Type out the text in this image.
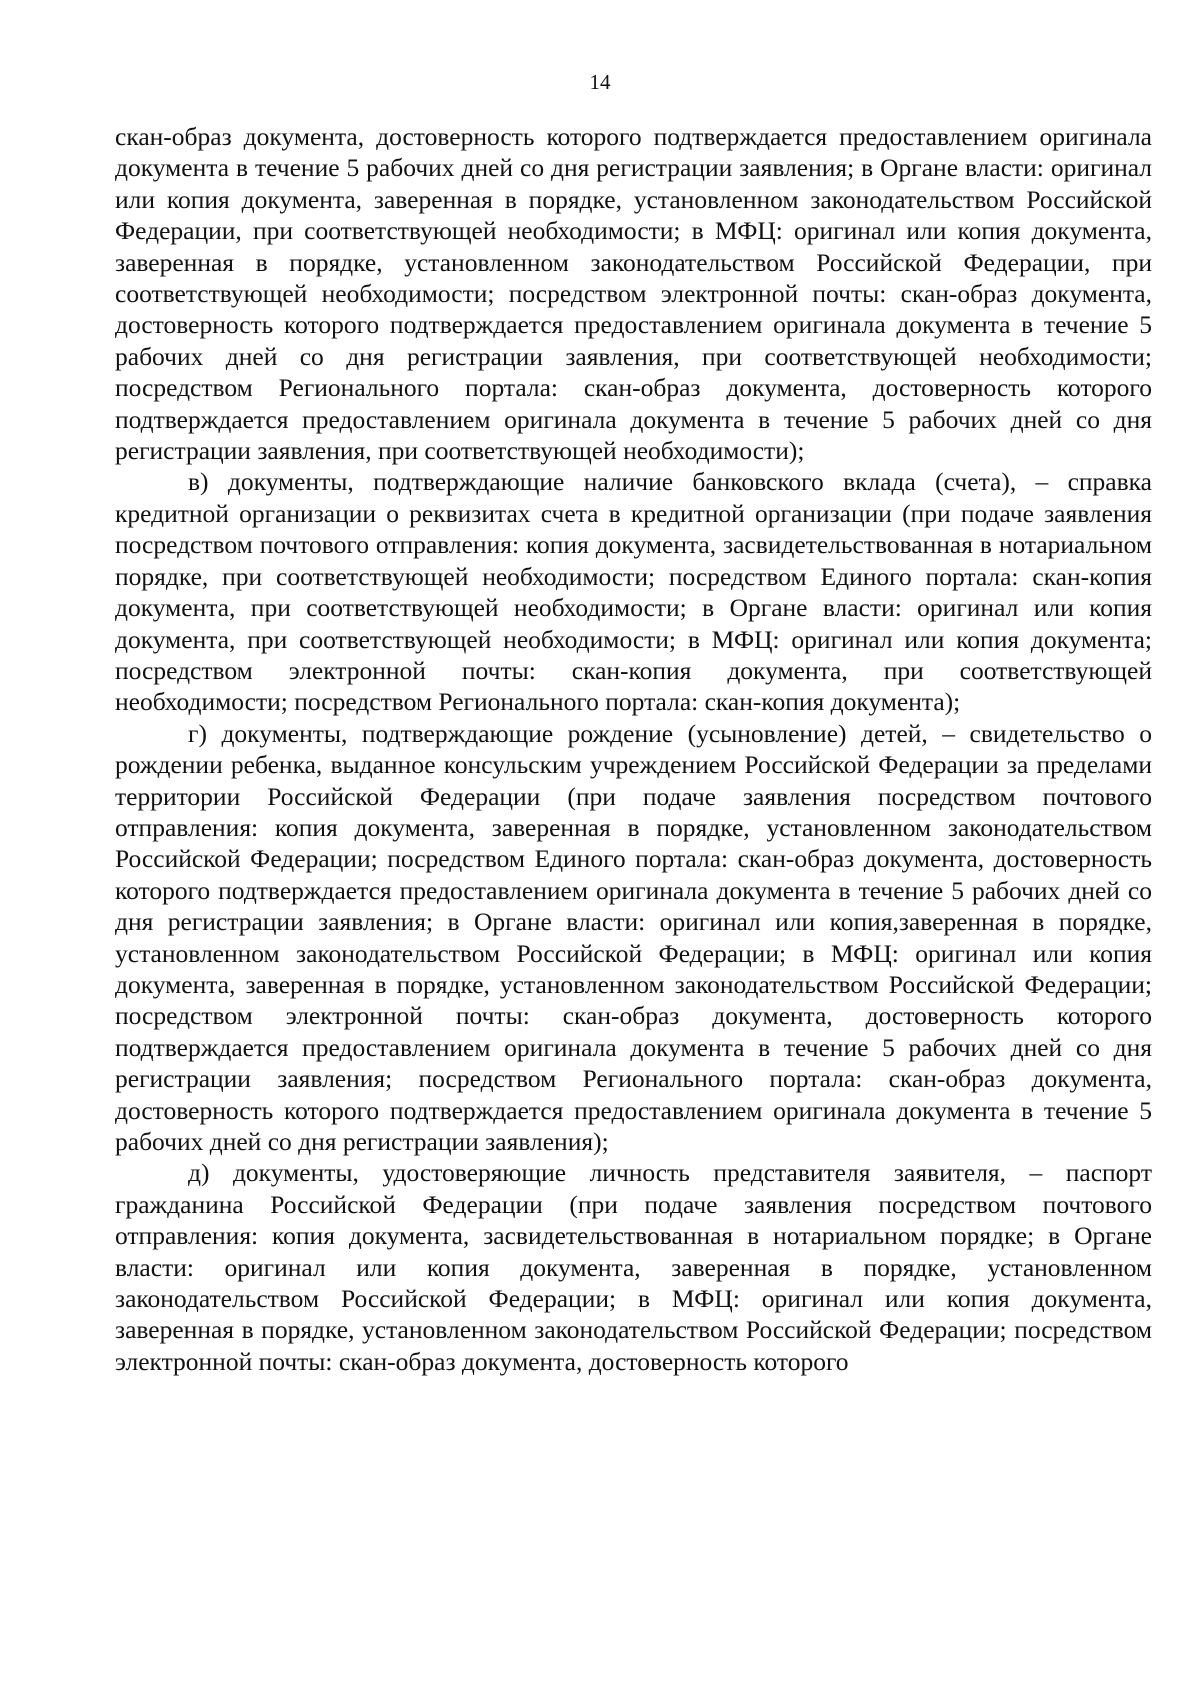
14

скан-образ документа, достоверность которого подтверждается предоставлением оригинала документа в течение 5 рабочих дней со дня регистрации заявления; в Органе власти: оригинал или копия документа, заверенная в порядке, установленном законодательством Российской Федерации, при соответствующей необходимости; в МФЦ: оригинал или копия документа, заверенная в порядке, установленном законодательством Российской Федерации, при соответствующей необходимости; посредством электронной почты: скан-образ документа, достоверность которого подтверждается предоставлением оригинала документа в течение 5 рабочих дней со дня регистрации заявления, при соответствующей необходимости; посредством Регионального портала: скан-образ документа, достоверность которого подтверждается предоставлением оригинала документа в течение 5 рабочих дней со дня регистрации заявления, при соответствующей необходимости);

в) документы, подтверждающие наличие банковского вклада (счета), – справка кредитной организации о реквизитах счета в кредитной организации (при подаче заявления посредством почтового отправления: копия документа, засвидетельствованная в нотариальном порядке, при соответствующей необходимости; посредством Единого портала: скан-копия документа, при соответствующей необходимости; в Органе власти: оригинал или копия документа, при соответствующей необходимости; в МФЦ: оригинал или копия документа; посредством электронной почты: скан-копия документа, при соответствующей необходимости; посредством Регионального портала: скан-копия документа);

г) документы, подтверждающие рождение (усыновление) детей, – свидетельство о рождении ребенка, выданное консульским учреждением Российской Федерации за пределами территории Российской Федерации (при подаче заявления посредством почтового отправления: копия документа, заверенная в порядке, установленном законодательством Российской Федерации; посредством Единого портала: скан-образ документа, достоверность которого подтверждается предоставлением оригинала документа в течение 5 рабочих дней со дня регистрации заявления; в Органе власти: оригинал или копия,заверенная в порядке, установленном законодательством Российской Федерации; в МФЦ: оригинал или копия документа, заверенная в порядке, установленном законодательством Российской Федерации; посредством электронной почты: скан-образ документа, достоверность которого подтверждается предоставлением оригинала документа в течение 5 рабочих дней со дня регистрации заявления; посредством Регионального портала: скан-образ документа, достоверность которого подтверждается предоставлением оригинала документа в течение 5 рабочих дней со дня регистрации заявления);

д) документы, удостоверяющие личность представителя заявителя, – паспорт гражданина Российской Федерации (при подаче заявления посредством почтового отправления: копия документа, засвидетельствованная в нотариальном порядке; в Органе власти: оригинал или копия документа, заверенная в порядке, установленном законодательством Российской Федерации; в МФЦ: оригинал или копия документа, заверенная в порядке, установленном законодательством Российской Федерации; посредством электронной почты: скан-образ документа, достоверность которого
